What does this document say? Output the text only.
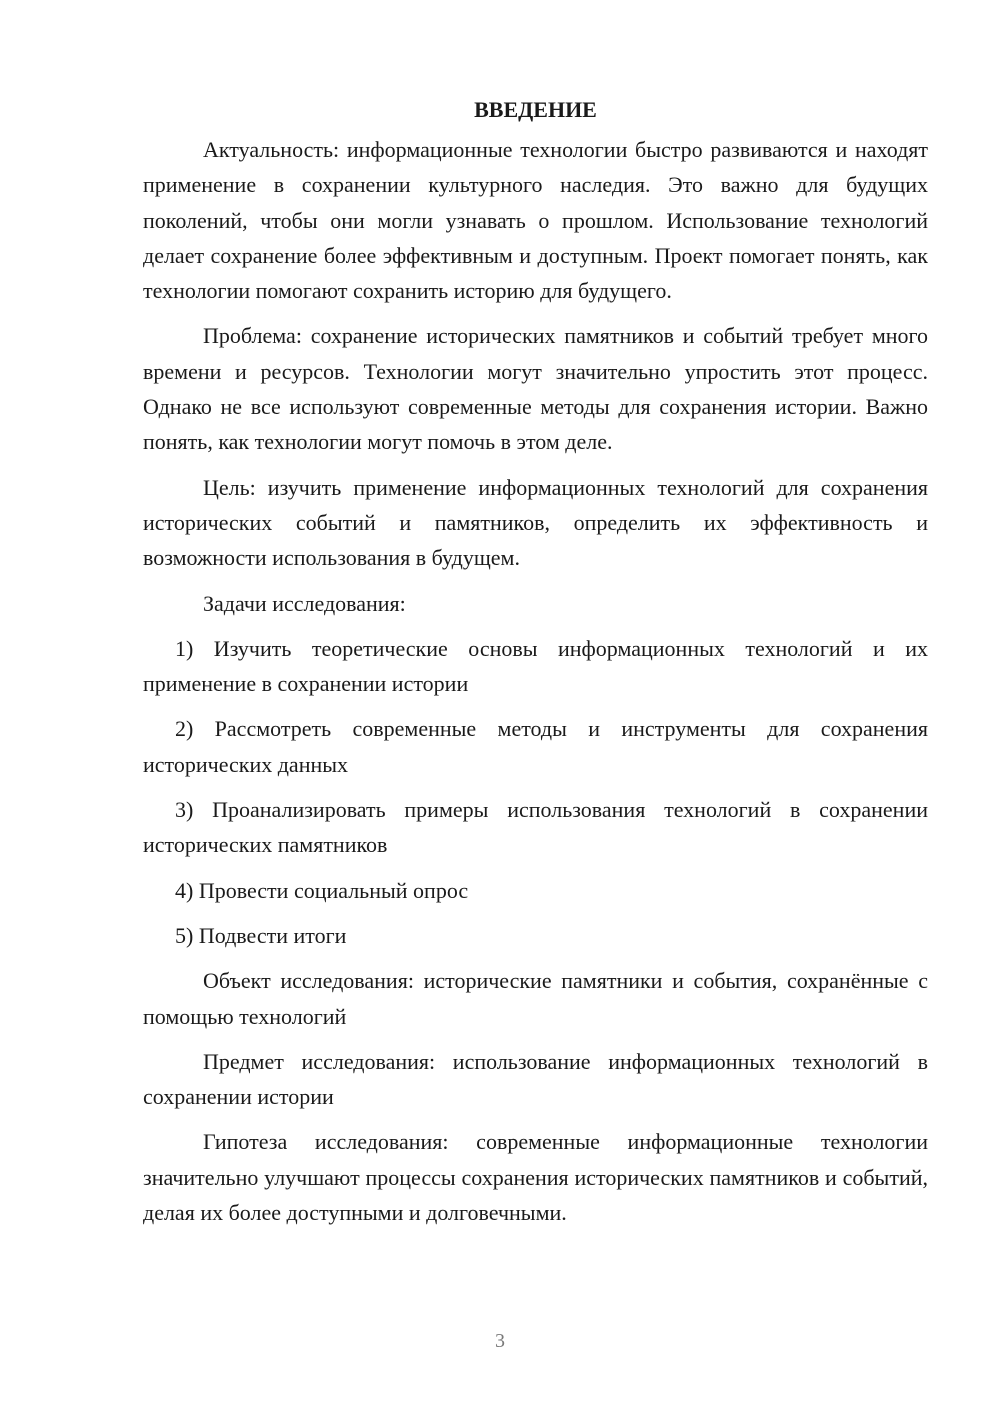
ВВЕДЕНИЕ

Актуальность: информационные технологии быстро развиваются и находят применение в сохранении культурного наследия. Это важно для будущих поколений, чтобы они могли узнавать о прошлом. Использование технологий делает сохранение более эффективным и доступным. Проект помогает понять, как технологии помогают сохранить историю для будущего.

Проблема: сохранение исторических памятников и событий требует много времени и ресурсов. Технологии могут значительно упростить этот процесс. Однако не все используют современные методы для сохранения истории. Важно понять, как технологии могут помочь в этом деле.

Цель: изучить применение информационных технологий для сохранения исторических событий и памятников, определить их эффективность и возможности использования в будущем.

Задачи исследования:

1) Изучить теоретические основы информационных технологий и их применение в сохранении истории

2) Рассмотреть современные методы и инструменты для сохранения исторических данных

3) Проанализировать примеры использования технологий в сохранении исторических памятников

4) Провести социальный опрос

5) Подвести итоги

Объект исследования: исторические памятники и события, сохранённые с помощью технологий

Предмет исследования: использование информационных технологий в сохранении истории

Гипотеза исследования: современные информационные технологии значительно улучшают процессы сохранения исторических памятников и событий, делая их более доступными и долговечными.

3
